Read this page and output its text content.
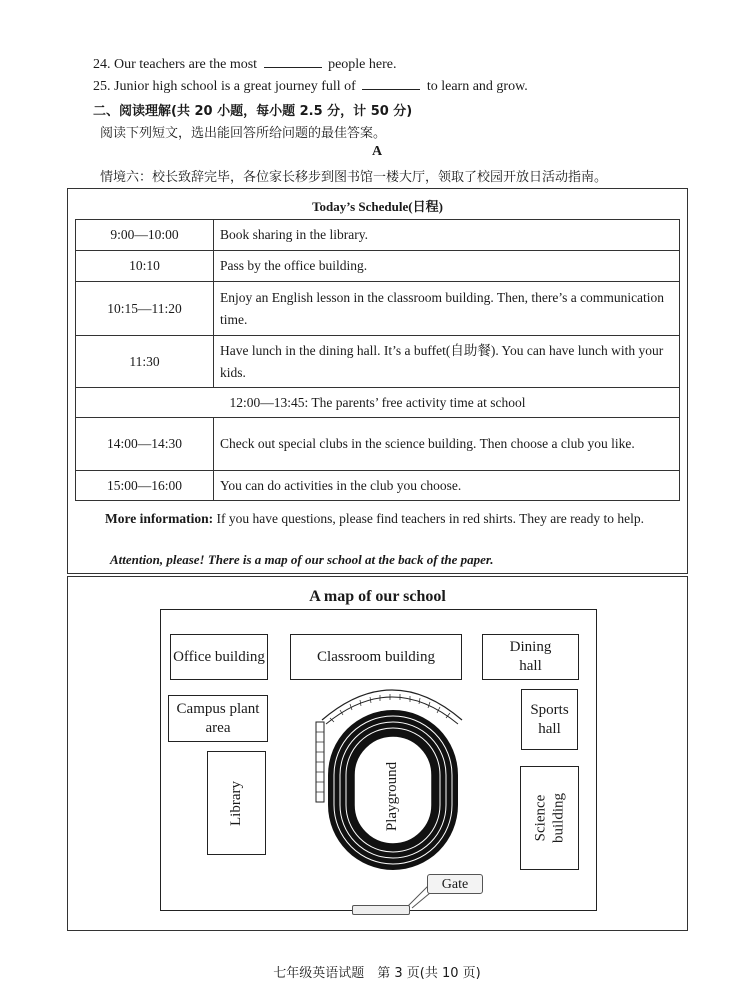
24. Our teachers are the most	people here.
25. Junior high school is a great journey full of	to learn and grow.
二、阅读理解(共 20 小题，每小题 2.5 分，计 50 分)
阅读下列短文，选出能回答所给问题的最佳答案。
A
情境六：校长致辞完毕，各位家长移步到图书馆一楼大厅，领取了校园开放日活动指南。
Today’s Schedule(日程)
9:00—10:00	Book sharing in the library.
10:10	Pass by the office building.
10:15—11:20	Enjoy an English lesson in the classroom building. Then, there’s a communication time.
11:30	Have lunch in the dining hall. It’s a buffet(自助餐). You can have lunch with your kids.
12:00—13:45: The parents’ free activity time at school	
14:00—14:30	Check out special clubs in the science building. Then choose a club you like.
15:00—16:00	You can do activities in the club you choose.
More information: If you have questions, please find teachers in red shirts. They are ready to help.
Attention, please! There is a map of our school at the back of the paper.
A map of our school
Office building	Classroom building
Dining hall
Campus plant area
Sports hall
Library	Science building
Playground
Gate
七年级英语试题　第 3 页(共 10 页)
